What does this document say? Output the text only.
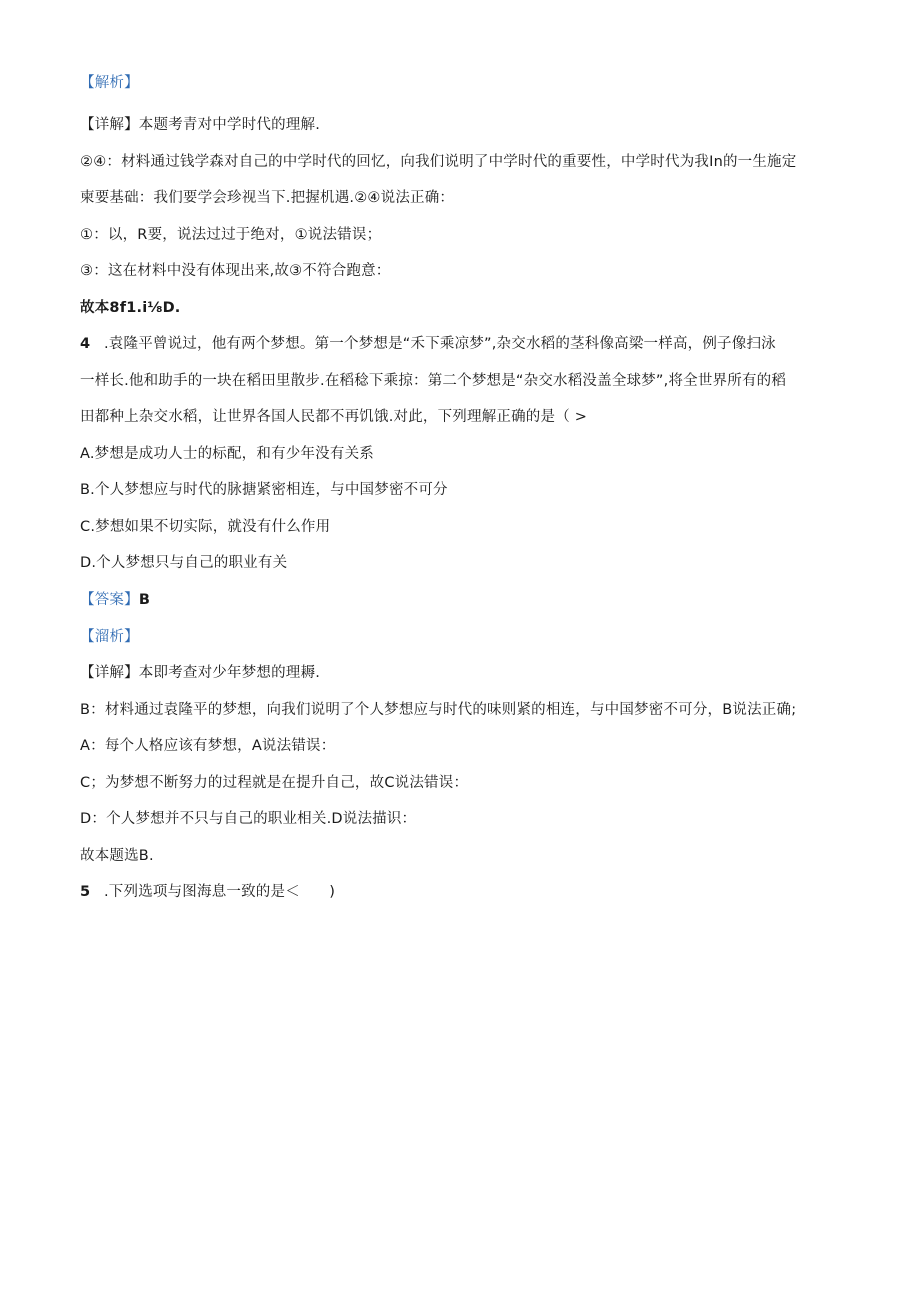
【解析】
【详解】本题考青对中学时代的理解.
②④：材料通过钱学森对自己的中学时代的回忆，向我们说明了中学时代的重要性，中学时代为我In的一生施定
柬要基础：我们要学会珍视当下.把握机遇.②④说法正确：
①：以，R要，说法过过于绝对，①说法错误；
③：这在材料中没有体现出来,故③不符合跑意：
故本8f1.i⅛D.
4 .袁隆平曾说过，他有两个梦想。第一个梦想是“禾下乘凉梦”,杂交水稻的茎科像高梁一样高，例子像扫泳
一样长.他和助手的一块在稻田里散步.在稻稔下乘掠：第二个梦想是“杂交水稻没盖全球梦”,将全世界所有的稻
田都种上杂交水稻，让世界各国人民都不再饥饿.对此，下列理解正确的是（ >
A.梦想是成功人士的标配，和有少年没有关系
B.个人梦想应与时代的脉搪紧密相连，与中国梦密不可分
C.梦想如果不切实际，就没有什么作用
D.个人梦想只与自己的职业有关
【答案】B
【溜析】
【详解】本即考查对少年梦想的理耨.
B：材料通过袁隆平的梦想，向我们说明了个人梦想应与时代的味则紧的相连，与中国梦密不可分，B说法正确;
A：每个人格应该有梦想，A说法错误：
C；为梦想不断努力的过程就是在提升自己，故C说法错误：
D：个人梦想并不只与自己的职业相关.D说法描识：
故本题选B.
5 .下列选项与图海息一致的是＜　　)
